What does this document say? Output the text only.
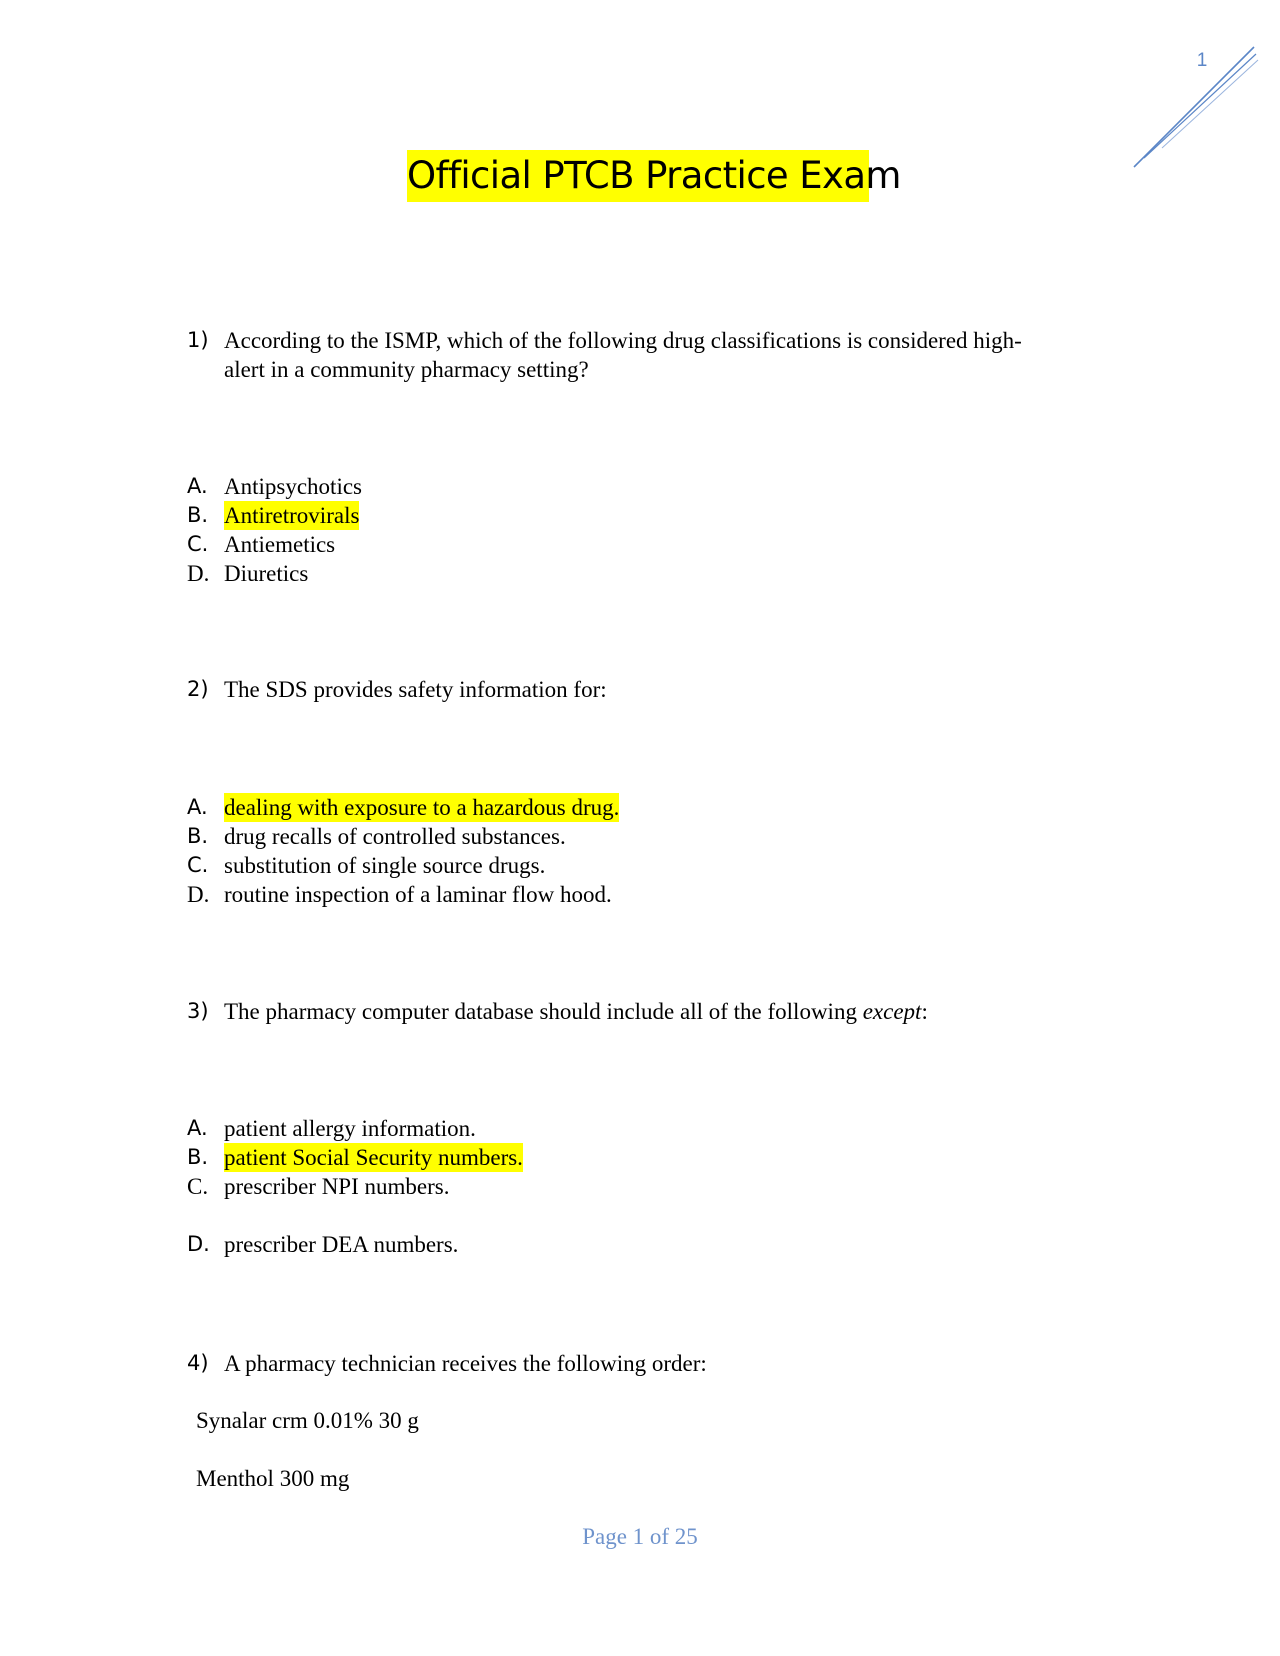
1
Official PTCB Practice Exam
1) According to the ISMP, which of the following drug classifications is considered high- alert in a community pharmacy setting?
A. Antipsychotics
B. Antiretrovirals
C. Antiemetics
D. Diuretics
2) The SDS provides safety information for:
A. dealing with exposure to a hazardous drug.
B. drug recalls of controlled substances.
C. substitution of single source drugs.
D. routine inspection of a laminar flow hood.
3) The pharmacy computer database should include all of the following except:
A. patient allergy information.
B. patient Social Security numbers.
C. prescriber NPI numbers.
D. prescriber DEA numbers.
4) A pharmacy technician receives the following order:
Synalar crm 0.01% 30 g
Menthol 300 mg
Page 1 of 25
